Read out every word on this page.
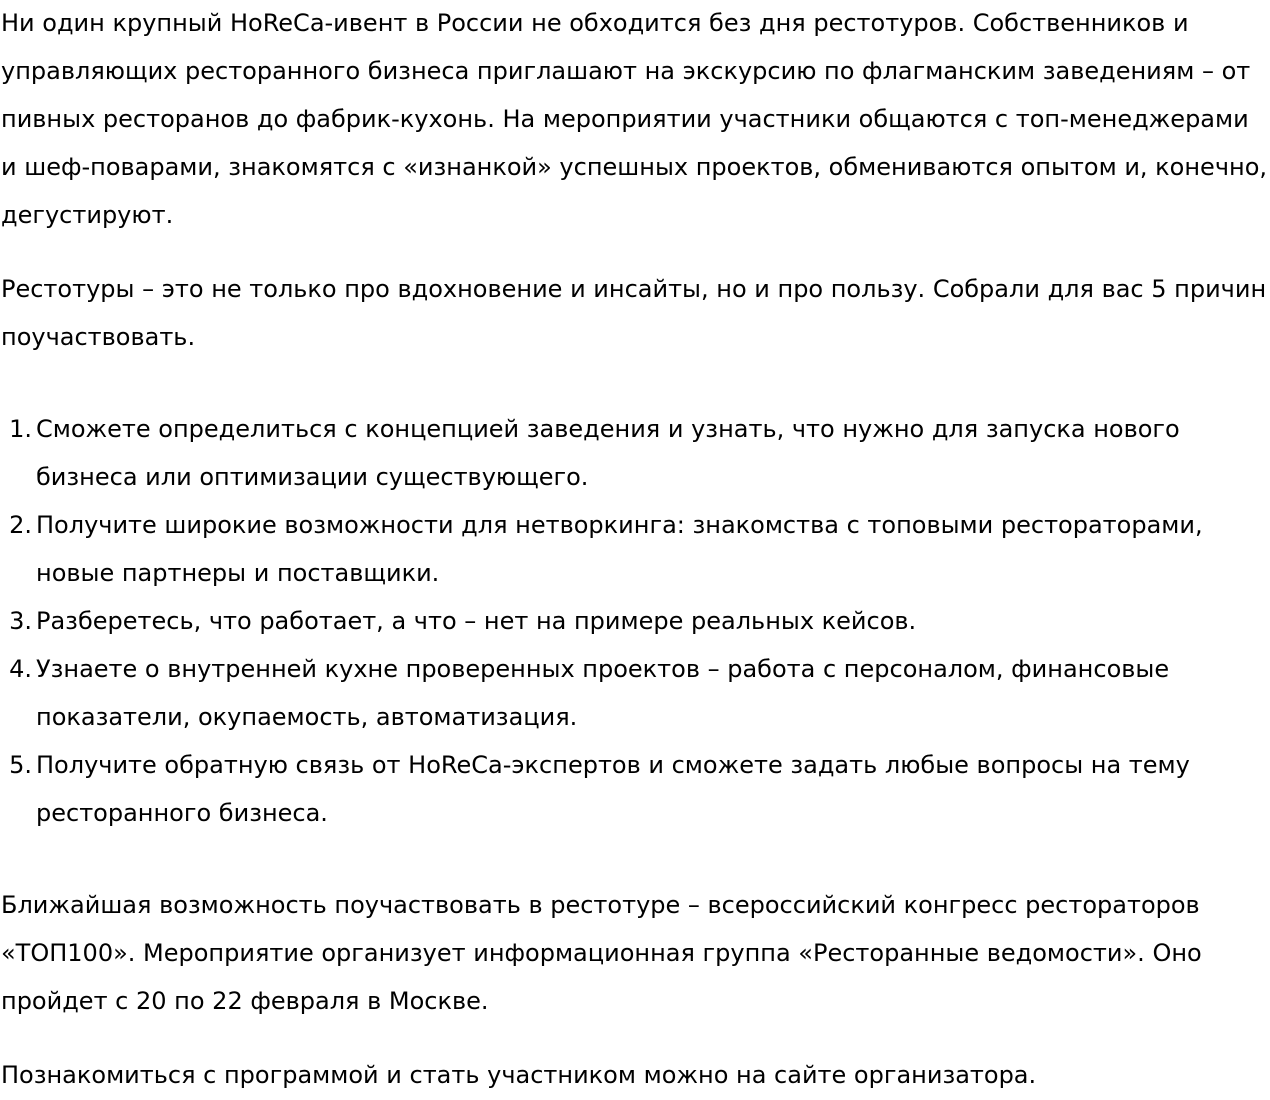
Ни один крупный HoReCa-ивент в России не обходится без дня рестотуров. Собственников и управляющих ресторанного бизнеса приглашают на экскурсию по флагманским заведениям – от пивных ресторанов до фабрик-кухонь. На мероприятии участники общаются с топ-менеджерами и шеф-поварами, знакомятся с «изнанкой» успешных проектов, обмениваются опытом и, конечно, дегустируют.

Рестотуры – это не только про вдохновение и инсайты, но и про пользу. Собрали для вас 5 причин поучаствовать.

Сможете определиться с концепцией заведения и узнать, что нужно для запуска нового бизнеса или оптимизации существующего.
Получите широкие возможности для нетворкинга: знакомства с топовыми рестораторами, новые партнеры и поставщики.
Разберетесь, что работает, а что – нет на примере реальных кейсов.
Узнаете о внутренней кухне проверенных проектов – работа с персоналом, финансовые показатели, окупаемость, автоматизация.
Получите обратную связь от HoReCa-экспертов и сможете задать любые вопросы на тему ресторанного бизнеса.

Ближайшая возможность поучаствовать в рестотуре – всероссийский конгресс рестораторов «ТОП100». Мероприятие организует информационная группа «Ресторанные ведомости». Оно пройдет с 20 по 22 февраля в Москве.

Познакомиться с программой и стать участником можно на сайте организатора.
